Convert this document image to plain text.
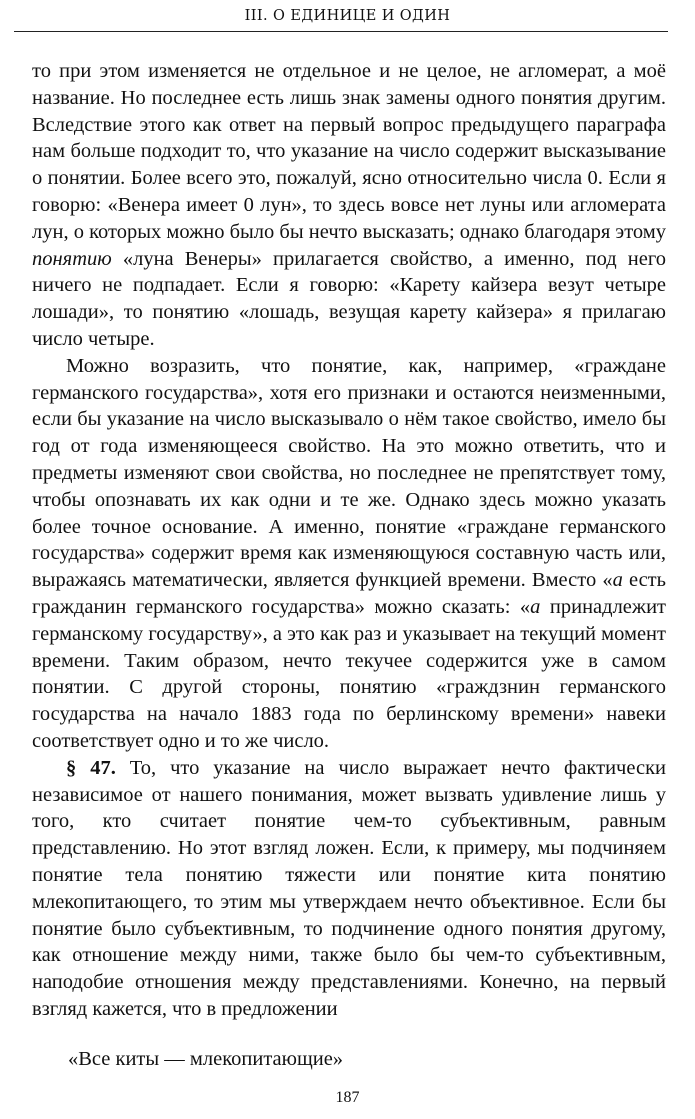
III. О ЕДИНИЦЕ И ОДИН

то при этом изменяется не отдельное и не целое, не агломерат, а моё название. Но последнее есть лишь знак замены одного понятия другим. Вследствие этого как ответ на первый вопрос предыдущего параграфа нам больше подходит то, что указание на число содержит высказывание о понятии. Более всего это, пожалуй, ясно относительно числа 0. Если я говорю: «Венера имеет 0 лун», то здесь вовсе нет луны или агломерата лун, о которых можно было бы нечто высказать; однако благодаря этому понятию «луна Венеры» прилагается свойство, а именно, под него ничего не подпадает. Если я говорю: «Карету кайзера везут четыре лошади», то понятию «лошадь, везущая карету кайзера» я прилагаю число четыре.

Можно возразить, что понятие, как, например, «граждане германского государства», хотя его признаки и остаются неизменными, если бы указание на число высказывало о нём такое свойство, имело бы год от года изменяющееся свойство. На это можно ответить, что и предметы изменяют свои свойства, но последнее не препятствует тому, чтобы опознавать их как одни и те же. Однако здесь можно указать более точное основание. А именно, понятие «граждане германского государства» содержит время как изменяющуюся составную часть или, выражаясь математически, является функцией времени. Вместо «а есть гражданин германского государства» можно сказать: «а принадлежит германскому государству», а это как раз и указывает на текущий момент времени. Таким образом, нечто текучее содержится уже в самом понятии. С другой стороны, понятию «граждзнин германского государства на начало 1883 года по берлинскому времени» навеки соответствует одно и то же число.

§ 47. То, что указание на число выражает нечто фактически независимое от нашего понимания, может вызвать удивление лишь у того, кто считает понятие чем-то субъективным, равным представлению. Но этот взгляд ложен. Если, к примеру, мы подчиняем понятие тела понятию тяжести или понятие кита понятию млекопитающего, то этим мы утверждаем нечто объективное. Если бы понятие было субъективным, то подчинение одного понятия другому, как отношение между ними, также было бы чем-то субъективным, наподобие отношения между представлениями. Конечно, на первый взгляд кажется, что в предложении

«Все киты — млекопитающие»
187
